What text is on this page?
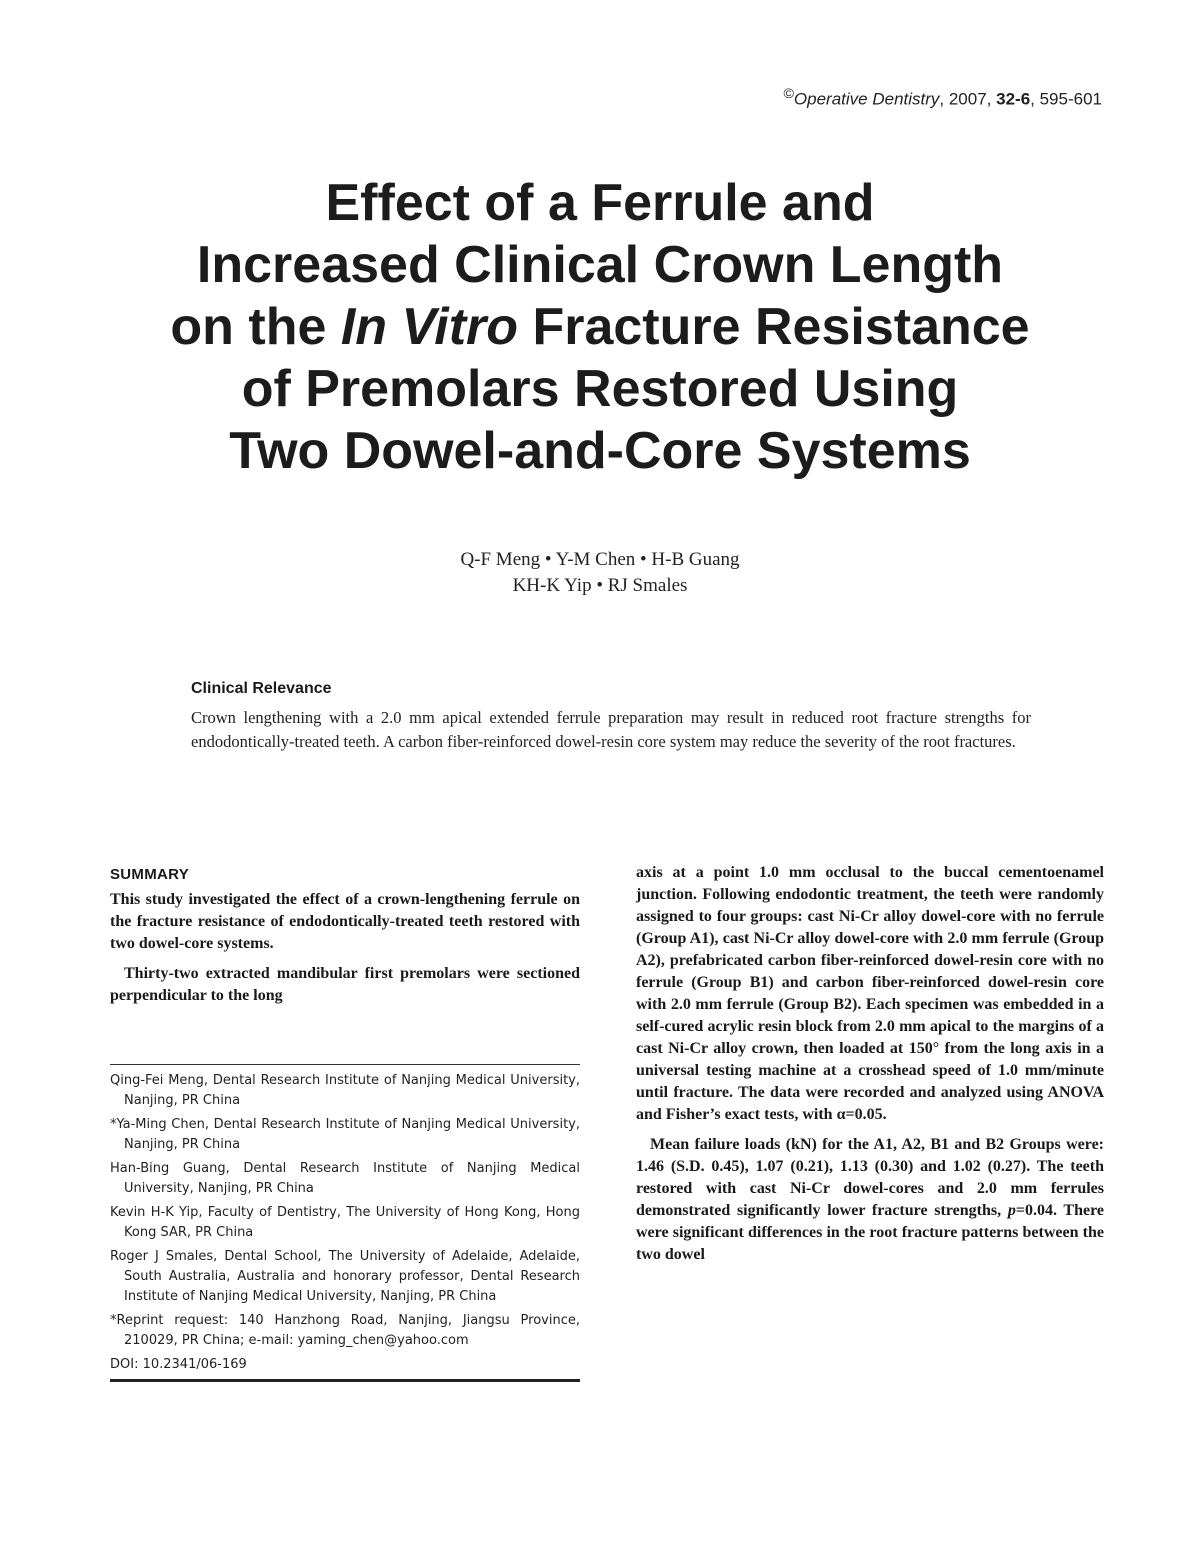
©Operative Dentistry, 2007, 32-6, 595-601
Effect of a Ferrule and
Increased Clinical Crown Length
on the In Vitro Fracture Resistance
of Premolars Restored Using
Two Dowel-and-Core Systems
Q-F Meng • Y-M Chen • H-B Guang
KH-K Yip • RJ Smales
Clinical Relevance
Crown lengthening with a 2.0 mm apical extended ferrule preparation may result in reduced root fracture strengths for endodontically-treated teeth. A carbon fiber-reinforced dowel-resin core system may reduce the severity of the root fractures.
SUMMARY

This study investigated the effect of a crown-lengthening ferrule on the fracture resistance of endodontically-treated teeth restored with two dowel-core systems.

Thirty-two extracted mandibular first premolars were sectioned perpendicular to the long

Qing-Fei Meng, Dental Research Institute of Nanjing Medical University, Nanjing, PR China

*Ya-Ming Chen, Dental Research Institute of Nanjing Medical University, Nanjing, PR China

Han-Bing Guang, Dental Research Institute of Nanjing Medical University, Nanjing, PR China

Kevin H-K Yip, Faculty of Dentistry, The University of Hong Kong, Hong Kong SAR, PR China

Roger J Smales, Dental School, The University of Adelaide, Adelaide, South Australia, Australia and honorary professor, Dental Research Institute of Nanjing Medical University, Nanjing, PR China

*Reprint request: 140 Hanzhong Road, Nanjing, Jiangsu Province, 210029, PR China; e-mail: yaming_chen@yahoo.com

DOI: 10.2341/06-169

axis at a point 1.0 mm occlusal to the buccal cementoenamel junction. Following endodontic treatment, the teeth were randomly assigned to four groups: cast Ni-Cr alloy dowel-core with no ferrule (Group A1), cast Ni-Cr alloy dowel-core with 2.0 mm ferrule (Group A2), prefabricated carbon fiber-reinforced dowel-resin core with no ferrule (Group B1) and carbon fiber-reinforced dowel-resin core with 2.0 mm ferrule (Group B2). Each specimen was embedded in a self-cured acrylic resin block from 2.0 mm apical to the margins of a cast Ni-Cr alloy crown, then loaded at 150° from the long axis in a universal testing machine at a crosshead speed of 1.0 mm/minute until fracture. The data were recorded and analyzed using ANOVA and Fisher’s exact tests, with α=0.05.

Mean failure loads (kN) for the A1, A2, B1 and B2 Groups were: 1.46 (S.D. 0.45), 1.07 (0.21), 1.13 (0.30) and 1.02 (0.27). The teeth restored with cast Ni-Cr dowel-cores and 2.0 mm ferrules demonstrated significantly lower fracture strengths, p=0.04. There were significant differences in the root fracture patterns between the two dowel
